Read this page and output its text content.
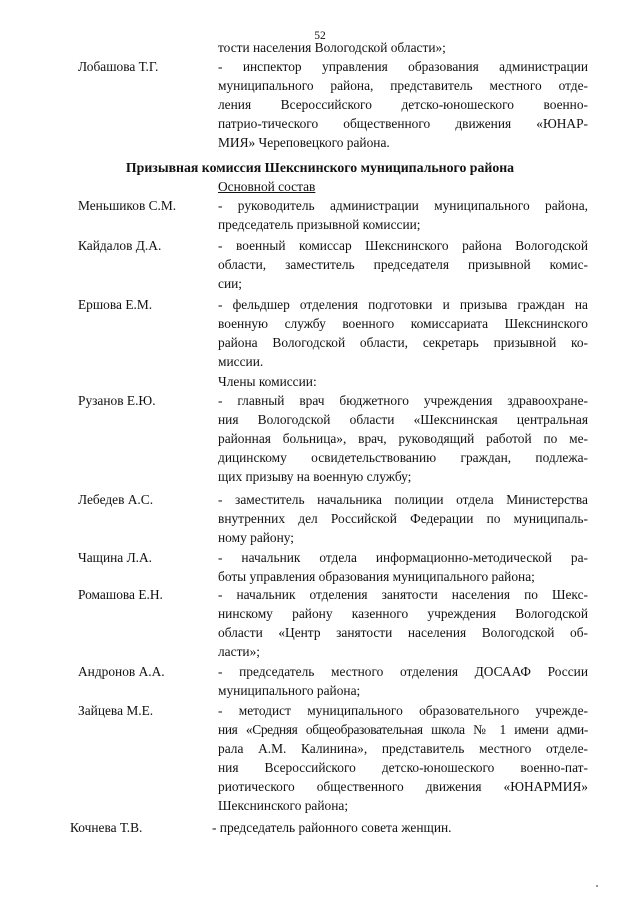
52
тости населения Вологодской области»;
Лобашова Т.Г.	- инспектор управления образования администрации
муниципального района, представитель местного отде-
ления Всероссийского детско-юношеского военно-
патрио-тического общественного движения «ЮНАР-
МИЯ» Череповецкого района.
Призывная комиссия Шекснинского муниципального района
Основной состав
Меньшиков С.М.	- руководитель администрации муниципального района,
председатель призывной комиссии;
Кайдалов Д.А.	- военный комиссар Шекснинского района Вологодской
области, заместитель председателя призывной комис-
сии;
Ершова Е.М.	- фельдшер отделения подготовки и призыва граждан на
военную службу военного комиссариата Шекснинского
района Вологодской области, секретарь призывной ко-
миссии.
Члены комиссии:
Рузанов Е.Ю.	- главный врач бюджетного учреждения здравоохране-
ния Вологодской области «Шекснинская центральная
районная больница», врач, руководящий работой по ме-
дицинскому освидетельствованию граждан, подлежа-
щих призыву на военную службу;
Лебедев А.С.	- заместитель начальника полиции отдела Министерства
внутренних дел Российской Федерации по муниципаль-
ному району;
Чащина Л.А.	- начальник отдела информационно-методической ра-
боты управления образования муниципального района;
Ромашова Е.Н.	- начальник отделения занятости населения по Шекс-
нинскому району казенного учреждения Вологодской
области «Центр занятости населения Вологодской об-
ласти»;
Андронов А.А.	- председатель местного отделения ДОСААФ России
муниципального района;
Зайцева М.Е.	- методист муниципального образовательного учрежде-
ния «Средняя общеобразовательная школа № 1 имени адми-
рала А.М. Калинина», представитель местного отделе-
ния Всероссийского детско-юношеского военно-пат-
риотического общественного движения «ЮНАРМИЯ»
Шекснинского района;
Кочнева Т.В.	- председатель районного совета женщин.
